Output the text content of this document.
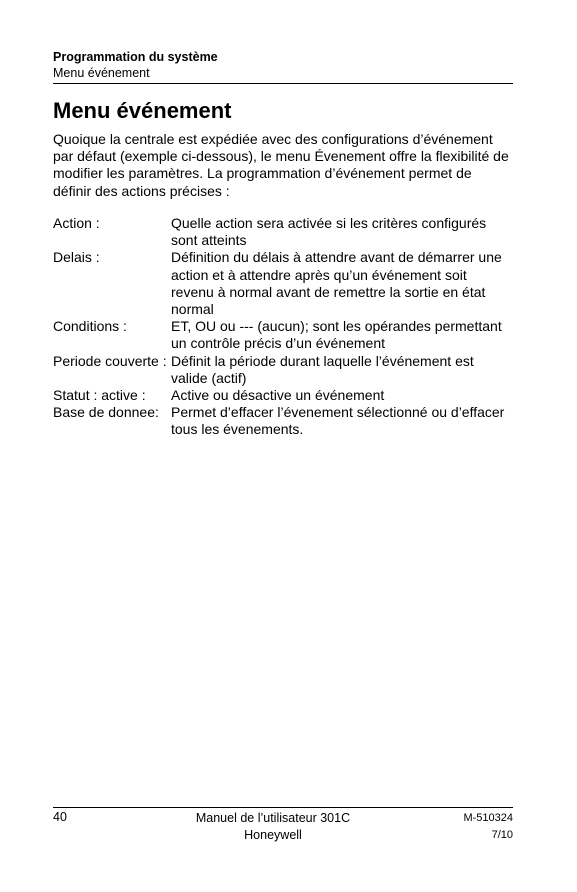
Programmation du système
Menu événement
Menu événement

Quoique la centrale est expédiée avec des configurations d’événement par défaut (exemple ci-dessous), le menu Évenement offre la flexibilité de modifier les paramètres. La programmation d’événement permet de définir des actions précises :

Action :	Quelle action sera activée si les critères configurés sont atteints
Delais :	Définition du délais à attendre avant de démarrer une action et à attendre après qu’un événement soit revenu à normal avant de remettre la sortie en état normal
Conditions :	ET, OU ou --- (aucun); sont les opérandes permettant un contrôle précis d’un événement
Periode couverte : Définit la période durant laquelle l’événement est valide (actif)
Statut : active :	Active ou désactive un événement
Base de donnee: Permet d’effacer l’évenement sélectionné ou d’effacer tous les évenements.
40	Manuel de l’utilisateur 301C
Honeywell
M-510324
7/10
